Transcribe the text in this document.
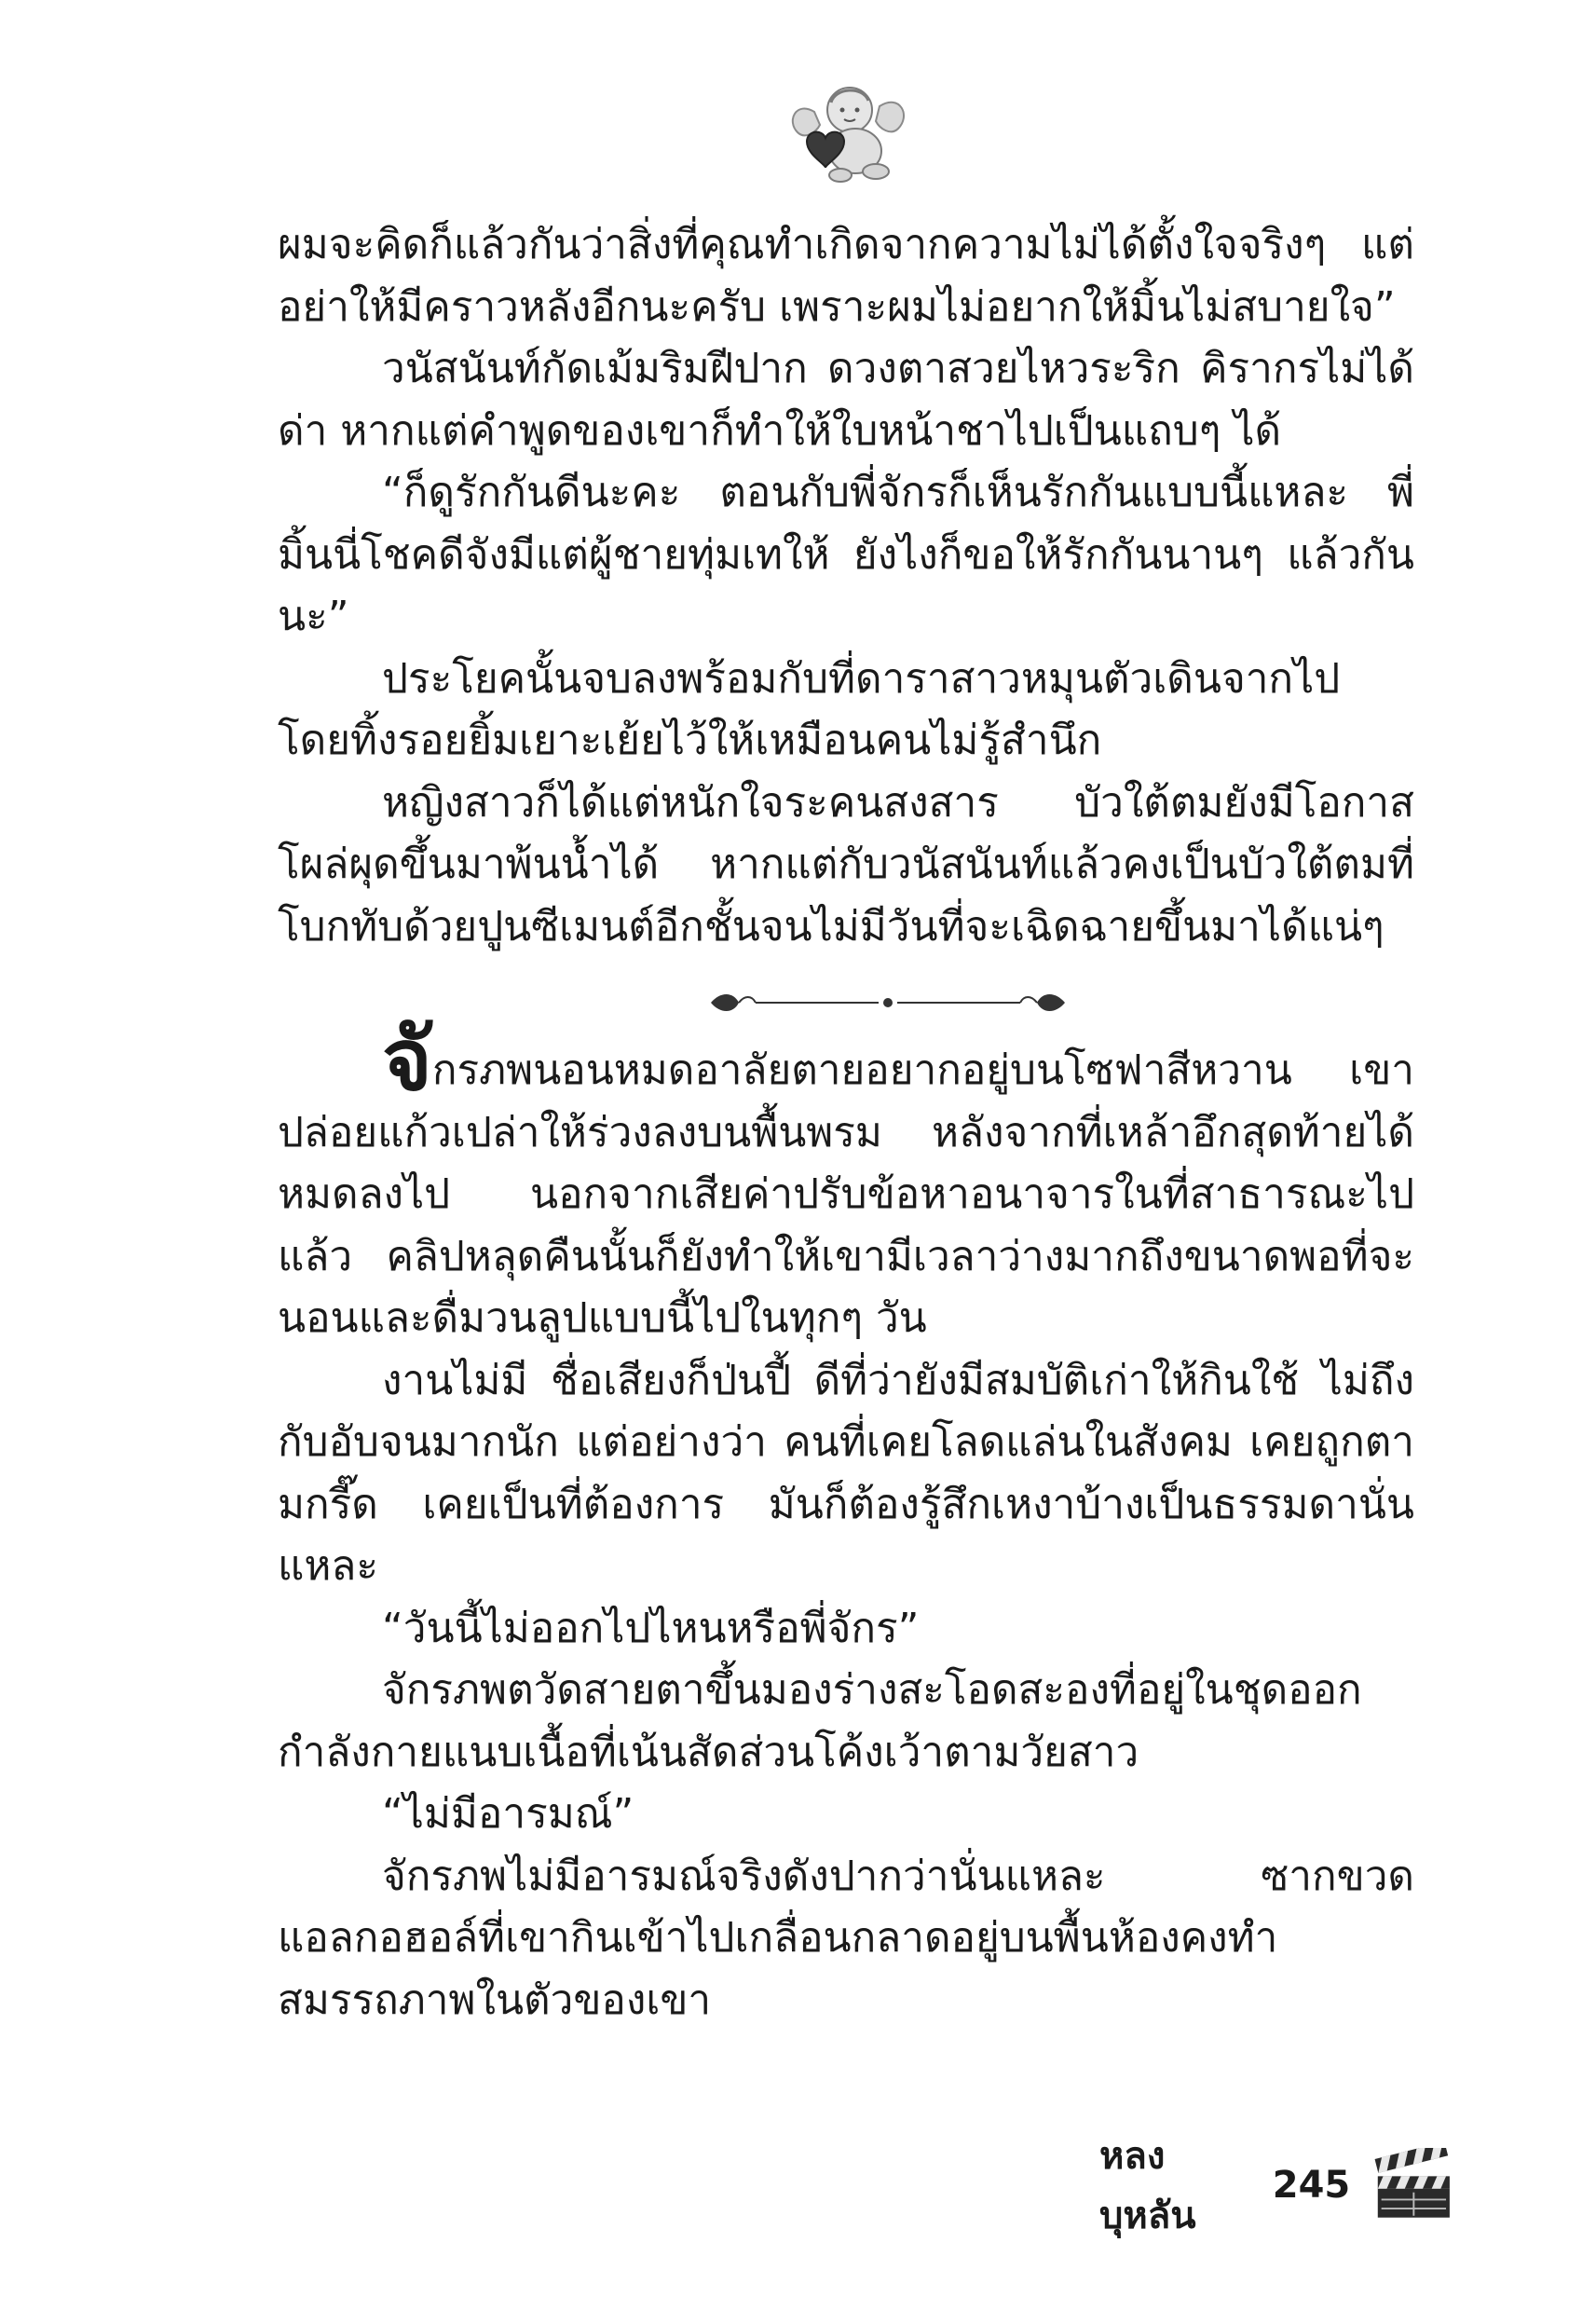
ผมจะคิดก็แล้วกันว่าสิ่งที่คุณทำเกิดจากความไม่ได้ตั้งใจจริงๆ แต่อย่าให้มีคราวหลังอีกนะครับ เพราะผมไม่อยากให้มิ้นไม่สบายใจ”

วนัสนันท์กัดเม้มริมฝีปาก ดวงตาสวยไหวระริก คิรากรไม่ได้ด่า หากแต่คำพูดของเขาก็ทำให้ใบหน้าชาไปเป็นแถบๆ ได้

“ก็ดูรักกันดีนะคะ ตอนกับพี่จักรก็เห็นรักกันแบบนี้แหละ พี่มิ้นนี่โชคดีจังมีแต่ผู้ชายทุ่มเทให้ ยังไงก็ขอให้รักกันนานๆ แล้วกันนะ”

ประโยคนั้นจบลงพร้อมกับที่ดาราสาวหมุนตัวเดินจากไป โดยทิ้งรอยยิ้มเยาะเย้ยไว้ให้เหมือนคนไม่รู้สำนึก

หญิงสาวก็ได้แต่หนักใจระคนสงสาร บัวใต้ตมยังมีโอกาสโผล่ผุดขึ้นมาพ้นน้ำได้ หากแต่กับวนัสนันท์แล้วคงเป็นบัวใต้ตมที่โบกทับด้วยปูนซีเมนต์อีกชั้นจนไม่มีวันที่จะเฉิดฉายขึ้นมาได้แน่ๆ

จักรภพนอนหมดอาลัยตายอยากอยู่บนโซฟาสีหวาน เขาปล่อยแก้วเปล่าให้ร่วงลงบนพื้นพรม หลังจากที่เหล้าอึกสุดท้ายได้หมดลงไป นอกจากเสียค่าปรับข้อหาอนาจารในที่สาธารณะไปแล้ว คลิปหลุดคืนนั้นก็ยังทำให้เขามีเวลาว่างมากถึงขนาดพอที่จะนอนและดื่มวนลูปแบบนี้ไปในทุกๆ วัน

งานไม่มี ชื่อเสียงก็ป่นปี้ ดีที่ว่ายังมีสมบัติเก่าให้กินใช้ ไม่ถึงกับอับจนมากนัก แต่อย่างว่า คนที่เคยโลดแล่นในสังคม เคยถูกตามกรี๊ด เคยเป็นที่ต้องการ มันก็ต้องรู้สึกเหงาบ้างเป็นธรรมดานั่นแหละ

“วันนี้ไม่ออกไปไหนหรือพี่จักร”

จักรภพตวัดสายตาขึ้นมองร่างสะโอดสะองที่อยู่ในชุดออกกำลังกายแนบเนื้อที่เน้นสัดส่วนโค้งเว้าตามวัยสาว

“ไม่มีอารมณ์”

จักรภพไม่มีอารมณ์จริงดังปากว่านั่นแหละ ซากขวดแอลกอฮอล์ที่เขากินเข้าไปเกลื่อนกลาดอยู่บนพื้นห้องคงทำสมรรถภาพในตัวของเขา

หลงบุหลัน
245
